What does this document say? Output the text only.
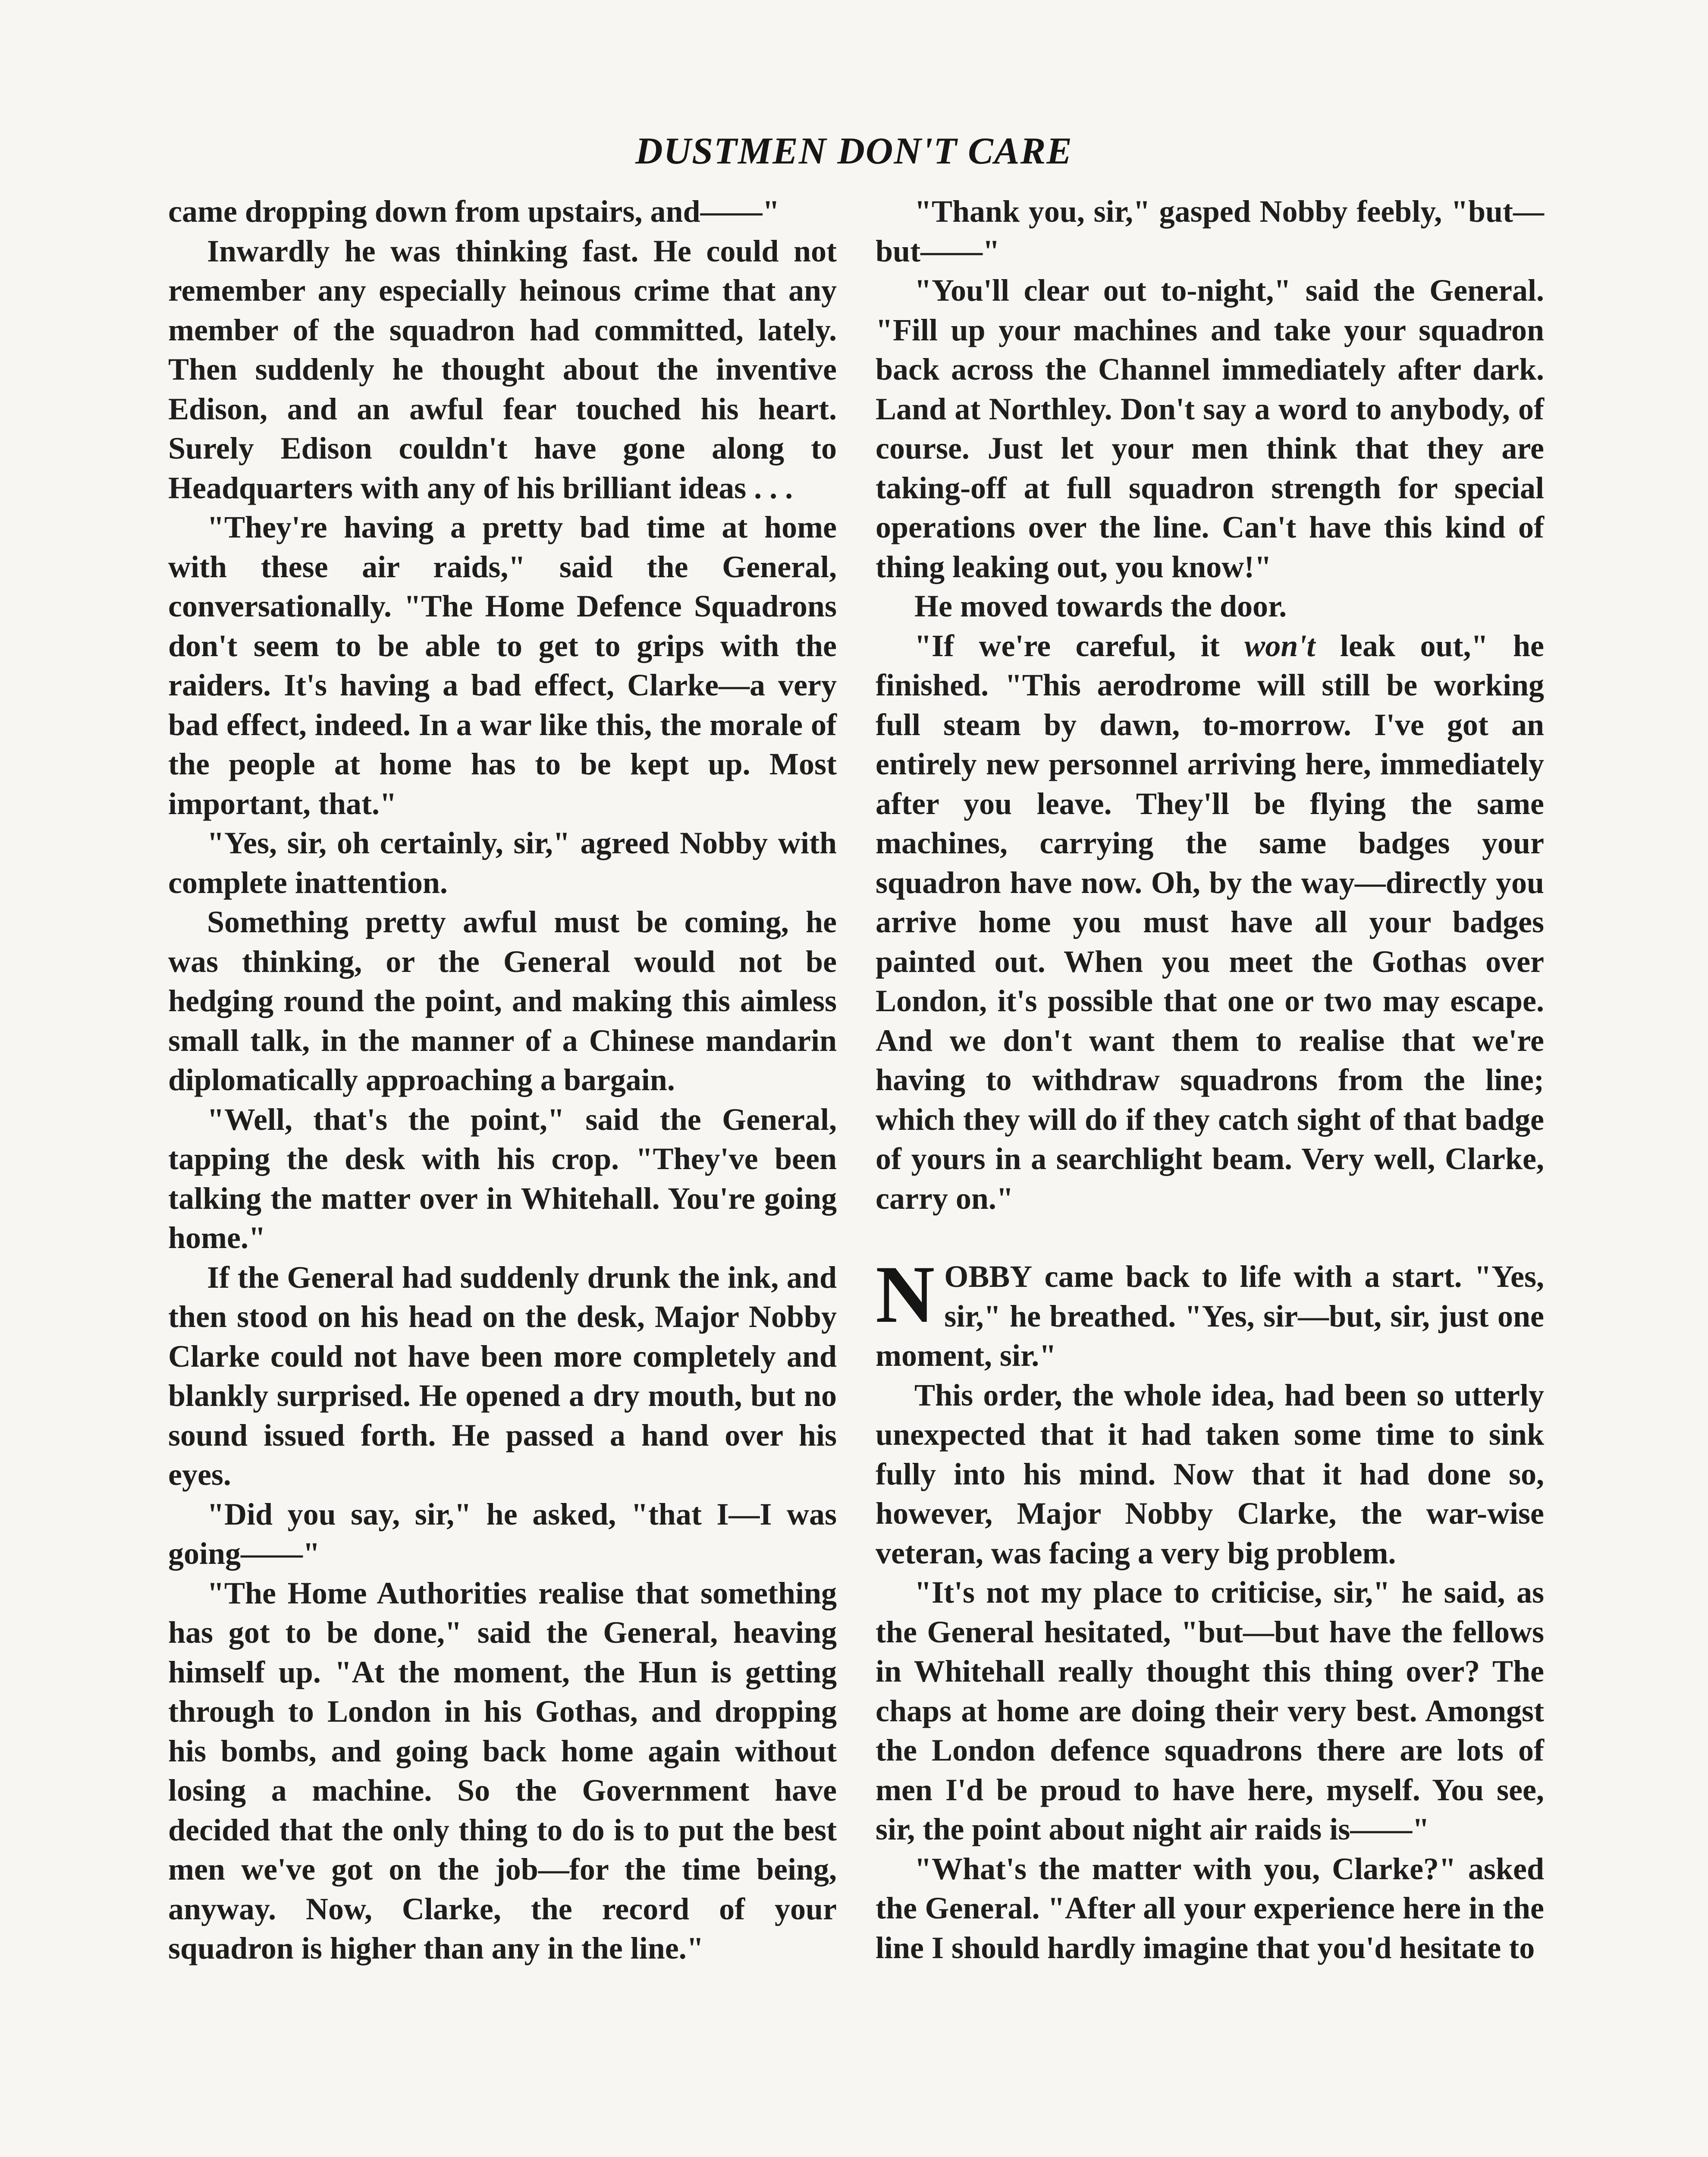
DUSTMEN DON'T CARE

came dropping down from upstairs, and——"

Inwardly he was thinking fast. He could not remember any especially heinous crime that any member of the squadron had committed, lately. Then suddenly he thought about the inventive Edison, and an awful fear touched his heart. Surely Edison couldn't have gone along to Headquarters with any of his brilliant ideas . . .

"They're having a pretty bad time at home with these air raids," said the General, conversationally. "The Home Defence Squadrons don't seem to be able to get to grips with the raiders. It's having a bad effect, Clarke—a very bad effect, indeed. In a war like this, the morale of the people at home has to be kept up. Most important, that."

"Yes, sir, oh certainly, sir," agreed Nobby with complete inattention.

Something pretty awful must be coming, he was thinking, or the General would not be hedging round the point, and making this aimless small talk, in the manner of a Chinese mandarin diplomatically approaching a bargain.

"Well, that's the point," said the General, tapping the desk with his crop. "They've been talking the matter over in Whitehall. You're going home."

If the General had suddenly drunk the ink, and then stood on his head on the desk, Major Nobby Clarke could not have been more completely and blankly surprised. He opened a dry mouth, but no sound issued forth. He passed a hand over his eyes.

"Did you say, sir," he asked, "that I—I was going——"

"The Home Authorities realise that something has got to be done," said the General, heaving himself up. "At the moment, the Hun is getting through to London in his Gothas, and dropping his bombs, and going back home again without losing a machine. So the Government have decided that the only thing to do is to put the best men we've got on the job—for the time being, anyway. Now, Clarke, the record of your squadron is higher than any in the line."

"Thank you, sir," gasped Nobby feebly, "but—but——"

"You'll clear out to-night," said the General. "Fill up your machines and take your squadron back across the Channel immediately after dark. Land at Northley. Don't say a word to anybody, of course. Just let your men think that they are taking-off at full squadron strength for special operations over the line. Can't have this kind of thing leaking out, you know!"

He moved towards the door.

"If we're careful, it won't leak out," he finished. "This aerodrome will still be working full steam by dawn, to-morrow. I've got an entirely new personnel arriving here, immediately after you leave. They'll be flying the same machines, carrying the same badges your squadron have now. Oh, by the way—directly you arrive home you must have all your badges painted out. When you meet the Gothas over London, it's possible that one or two may escape. And we don't want them to realise that we're having to withdraw squadrons from the line; which they will do if they catch sight of that badge of yours in a searchlight beam. Very well, Clarke, carry on."

NOBBY came back to life with a start. "Yes, sir," he breathed. "Yes, sir—but, sir, just one moment, sir."

This order, the whole idea, had been so utterly unexpected that it had taken some time to sink fully into his mind. Now that it had done so, however, Major Nobby Clarke, the war-wise veteran, was facing a very big problem.

"It's not my place to criticise, sir," he said, as the General hesitated, "but—but have the fellows in Whitehall really thought this thing over? The chaps at home are doing their very best. Amongst the London defence squadrons there are lots of men I'd be proud to have here, myself. You see, sir, the point about night air raids is——"

"What's the matter with you, Clarke?" asked the General. "After all your experience here in the line I should hardly imagine that you'd hesitate to
